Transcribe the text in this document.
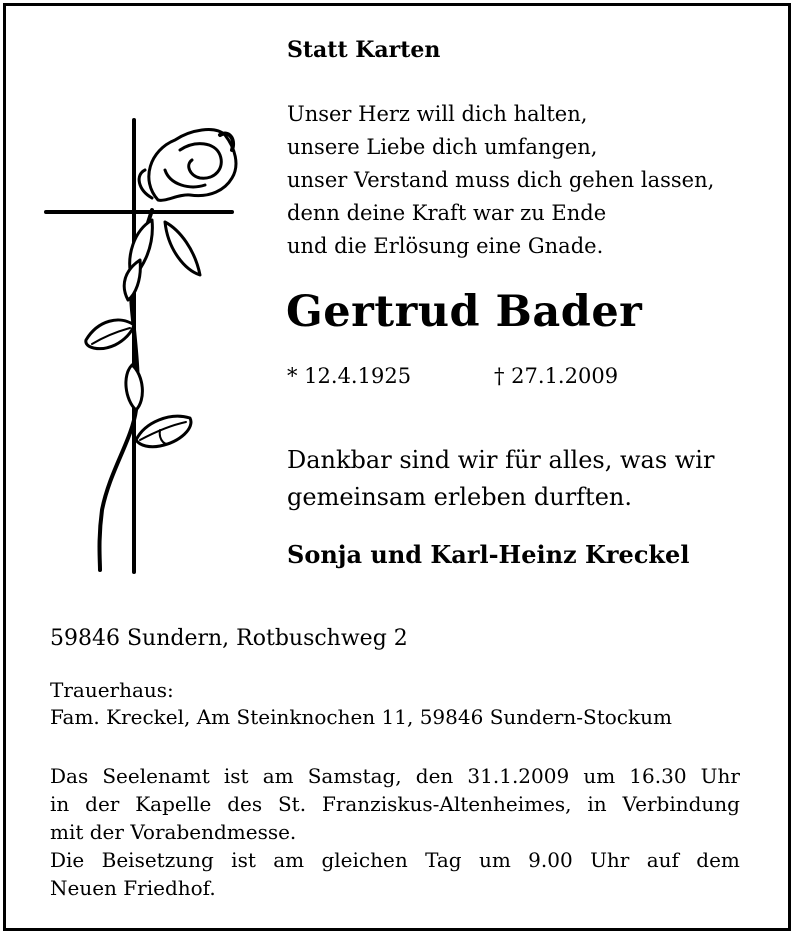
Statt Karten
Unser Herz will dich halten,
unsere Liebe dich umfangen,
unser Verstand muss dich gehen lassen,
denn deine Kraft war zu Ende
und die Erlösung eine Gnade.
Gertrud Bader
* 12.4.1925	† 27.1.2009
Dankbar sind wir für alles, was wir
gemeinsam erleben durften.
Sonja und Karl-Heinz Kreckel
59846 Sundern, Rotbuschweg 2
Trauerhaus:
Fam. Kreckel, Am Steinknochen 11, 59846 Sundern-Stockum
Das Seelenamt ist am Samstag, den 31.1.2009 um 16.30 Uhr
in der Kapelle des St. Franziskus-Altenheimes, in Verbindung
mit der Vorabendmesse.
Die Beisetzung ist am gleichen Tag um 9.00 Uhr auf dem
Neuen Friedhof.
